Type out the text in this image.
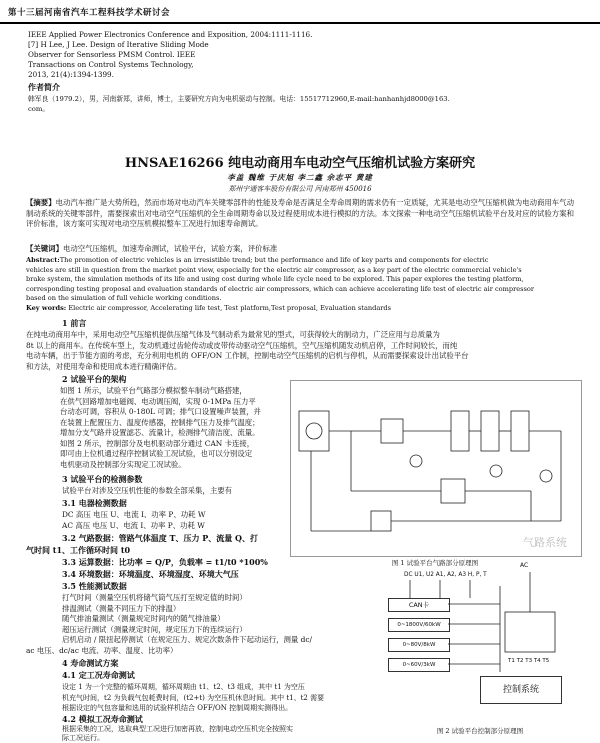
第十三届河南省汽车工程科技学术研讨会
IEEE Applied Power Electronics Conference and Exposition, 2004:1111-1116.
[7] H Lee, J Lee. Design of Iterative Sliding Mode
Observer for Sensorless PMSM Control. IEEE
Transactions on Control Systems Technology,
2013, 21(4):1394-1399.
作者简介
韩军良（1979.2），男，河南新郑，讲师，博士，主要研究方向为电机驱动与控制。电话：15517712960,E-mail:hanhanhjd8000@163.
com。
HNSAE16266 纯电动商用车电动空气压缩机试验方案研究
李盖 魏维 于庆旭 李二鑫 余志平 黄建
郑州宇通客车股份有限公司 河南郑州 450016
【摘要】电动汽车推广是大势所趋，然而市场对电动汽车关键零部件的性能及寿命是否满足全寿命周期的需求仍有一定质疑，尤其是电动空气压缩机做为电动商用车气动制动系统的关键零部件，需要探索出对电动空气压缩机的全生命周期寿命以及过程使用成本进行模拟的方法。本文探索一种电动空气压缩机试验平台及对应的试验方案和评价标准，该方案可实现对电动空压机模拟整车工况进行加速寿命测试。
【关键词】电动空气压缩机，加速寿命测试，试验平台，试验方案，评价标准
Abstract:The promotion of electric vehicles is an irresistible trend; but the performance and life of key parts and components for electric
vehicles are still in question from the market point view, especially for the electric air compressor, as a key part of the electric commercial vehicle's
brake system, the simulation methods of its life and using cost during whole life cycle need to be explored. This paper explores the testing platform,
corresponding testing proposal and evaluation standards of electric air compressors, which can achieve accelerating life test of electric air compressor
based on the simulation of full vehicle working conditions.
Key words: Electric air compressor, Accelerating life test, Test platform,Test proposal, Evaluation standards
1 前言
在纯电动商用车中，采用电动空气压缩机提供压缩气体及气制动系为最常见的型式，可获得较大的制动力，广泛应用与总质量为
8t 以上的商用车。在传统车型上，发动机通过齿轮传动或皮带传动驱动空气压缩机，空气压缩机随发动机启停，工作时间较长，而纯
电动车辆，出于节能方面的考虑，充分利用电机的 OFF/ON 工作制，控制电动空气压缩机的启机与停机，从而需要探索设计出试验平台
和方法，对使用寿命和使用成本进行精确评估。
2 试验平台的架构
如图 1 所示，试验平台气路部分模拟整车制动气路搭建，
在供气回路增加电磁阀、电动调压阀，实现 0-1MPa 压力平
台动态可调，容积从 0-180L 可调；排气口设置噪声装置，并
在装置上配置压力、温度传感器，控制排气压力及排气温度；
增加分支气路并设置滤芯、流量计，检测排气清洁度、流量。
如图 2 所示，控制部分及电机驱动部分通过 CAN 卡连接，
即可由上位机通过程序控制试验工况试验，也可以分别设定
电机驱动及控制部分实现定工况试验。
3 试验平台的检测参数
试验平台对涉及空压机性能的参数全部采集，主要有
3.1 电器检测数据
DC 高压 电压 U、电流 I、功率 P、功耗 W
AC 高压 电压 U、电流 I、功率 P、功耗 W
3.2 气路数据：管路气体温度 T、压力 P、流量 Q、打
气时间 t1、工作循环时间 t0
3.3 运算数据：比功率 = Q/P，负载率 = t1/t0 *100%
3.4 环境数据：环境温度、环境湿度、环境大气压
3.5 性能测试数据
打气时间（测量空压机将储气筒气压打至规定值的时间）
排温测试（测量不同压力下的排温）
随气排油量测试（测量规定时间内的随气排油量）
超压运行测试（测量规定时间，规定压力下的连续运行）
启机启动 / 限扭起停测试（在规定压力、规定次数条件下起动运行，测量 dc/
ac 电压、dc/ac 电流、功率、温度、比功率）
4 寿命测试方案
4.1 定工况寿命测试
设定 1 为一个完整的循环周期，循环周期由 t1、t2、t3 组成，其中 t1 为空压
机充气时间，t2 为负载气包耗费时间，(t2+t) 为空压机休息时间。其中 t1、t2 需要
根据设定的气包容量和选用的试验样机结合 OFF/ON 控制周期实测得出。
4.2 模拟工况寿命测试
根据采集的工况，选取典型工况进行加密再放，控制电动空压机完全按照实
际工况运行。
气路系统
图 1 试验平台气路部分原理图
DC U1, U2 A1, A2, A3 H, P, T
AC
CAN卡
0~1800V/60kW
0~80V/8kW
0~60V/3kW
T1 T2 T3 T4 T5
控制系统
图 2 试验平台控制部分原理图
